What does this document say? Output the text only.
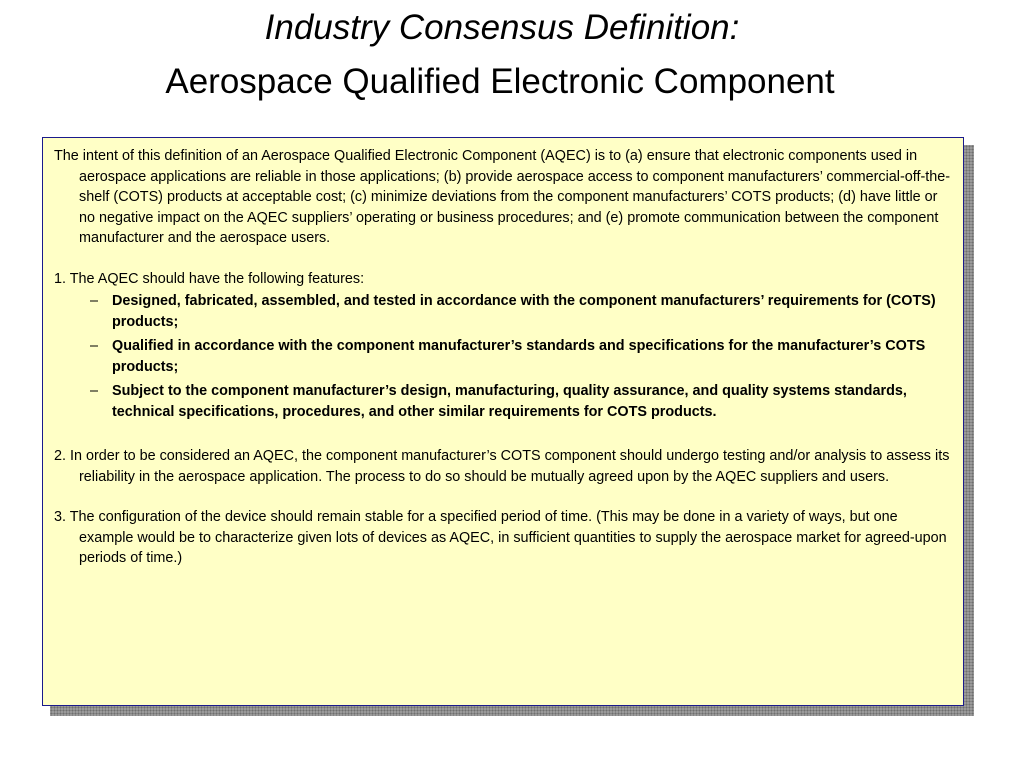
Industry Consensus Definition:
Aerospace Qualified Electronic Component

The intent of this definition of an Aerospace Qualified Electronic Component (AQEC) is to (a) ensure that electronic components used in aerospace applications are reliable in those applications; (b) provide aerospace access to component manufacturers’ commercial-off-the-shelf (COTS) products at acceptable cost; (c) minimize deviations from the component manufacturers’ COTS products; (d) have little or no negative impact on the AQEC suppliers’ operating or business procedures; and (e) promote communication between the component manufacturer and the aerospace users.

1. The AQEC should have the following features:

– Designed, fabricated, assembled, and tested in accordance with the component manufacturers’ requirements for (COTS) products;
– Qualified in accordance with the component manufacturer’s standards and specifications for the manufacturer’s COTS products;
– Subject to the component manufacturer’s design, manufacturing, quality assurance, and quality systems standards, technical specifications, procedures, and other similar requirements for COTS products.

2. In order to be considered an AQEC, the component manufacturer’s COTS component should undergo testing and/or analysis to assess its reliability in the aerospace application. The process to do so should be mutually agreed upon by the AQEC suppliers and users.

3. The configuration of the device should remain stable for a specified period of time. (This may be done in a variety of ways, but one example would be to characterize given lots of devices as AQEC, in sufficient quantities to supply the aerospace market for agreed-upon periods of time.)
